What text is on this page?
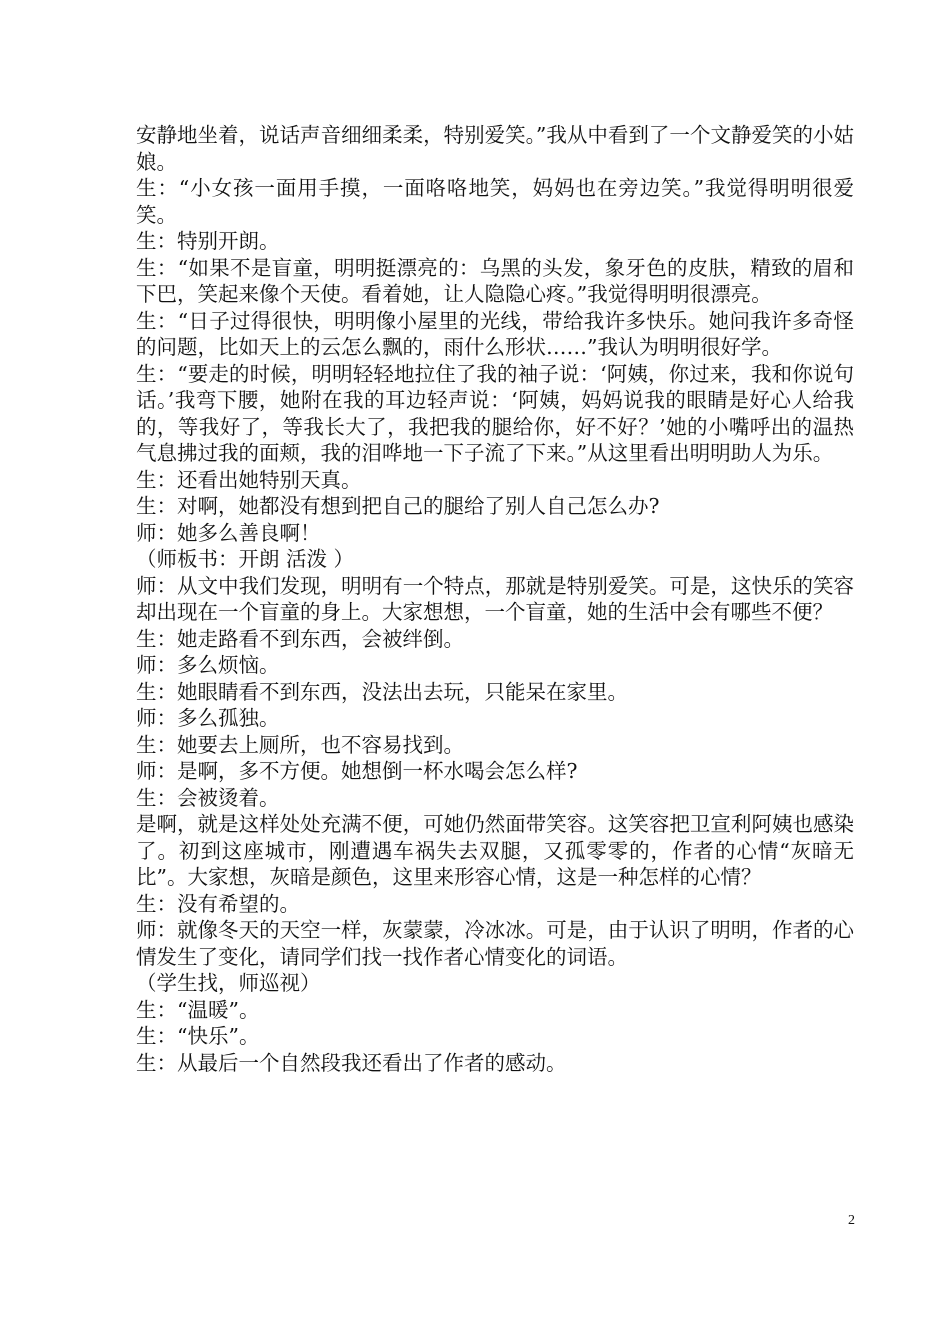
安静地坐着，说话声音细细柔柔，特别爱笑。”我从中看到了一个文静爱笑的小姑娘。

生：“小女孩一面用手摸，一面咯咯地笑，妈妈也在旁边笑。”我觉得明明很爱笑。

生：特别开朗。

生：“如果不是盲童，明明挺漂亮的：乌黑的头发，象牙色的皮肤，精致的眉和下巴，笑起来像个天使。看着她，让人隐隐心疼。”我觉得明明很漂亮。

生：“日子过得很快，明明像小屋里的光线，带给我许多快乐。她问我许多奇怪的问题，比如天上的云怎么飘的，雨什么形状……”我认为明明很好学。

生：“要走的时候，明明轻轻地拉住了我的袖子说：‘阿姨，你过来，我和你说句话。’我弯下腰，她附在我的耳边轻声说：‘阿姨，妈妈说我的眼睛是好心人给我的，等我好了，等我长大了，我把我的腿给你，好不好？’她的小嘴呼出的温热气息拂过我的面颊，我的泪哗地一下子流了下来。”从这里看出明明助人为乐。

生：还看出她特别天真。

生：对啊，她都没有想到把自己的腿给了别人自己怎么办?

师：她多么善良啊！

（师板书：开朗 活泼 ）

师：从文中我们发现，明明有一个特点，那就是特别爱笑。可是，这快乐的笑容却出现在一个盲童的身上。大家想想，一个盲童，她的生活中会有哪些不便？

生：她走路看不到东西，会被绊倒。

师：多么烦恼。

生：她眼睛看不到东西，没法出去玩，只能呆在家里。

师：多么孤独。

生：她要去上厕所，也不容易找到。

师：是啊，多不方便。她想倒一杯水喝会怎么样?

生：会被烫着。

是啊，就是这样处处充满不便，可她仍然面带笑容。这笑容把卫宣利阿姨也感染了。初到这座城市，刚遭遇车祸失去双腿，又孤零零的，作者的心情“灰暗无比”。大家想，灰暗是颜色，这里来形容心情，这是一种怎样的心情？

生：没有希望的。

师：就像冬天的天空一样，灰蒙蒙，冷冰冰。可是，由于认识了明明，作者的心情发生了变化，请同学们找一找作者心情变化的词语。

（学生找，师巡视）

生：“温暖”。

生：“快乐”。

生：从最后一个自然段我还看出了作者的感动。

2
